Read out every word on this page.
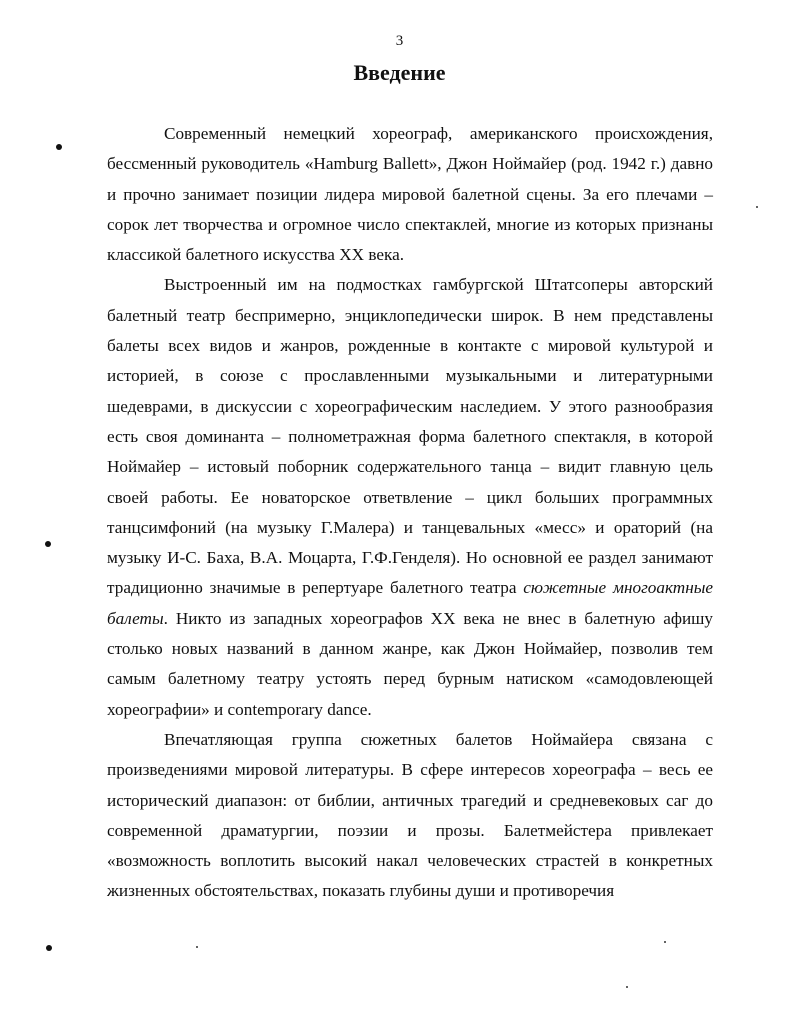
3
Введение

Современный немецкий хореограф, американского происхождения, бессменный руководитель «Hamburg Ballett», Джон Ноймайер (род. 1942 г.) давно и прочно занимает позиции лидера мировой балетной сцены. За его плечами – сорок лет творчества и огромное число спектаклей, многие из которых признаны классикой балетного искусства XX века.

Выстроенный им на подмостках гамбургской Штатсоперы авторский балетный театр беспримерно, энциклопедически широк. В нем представлены балеты всех видов и жанров, рожденные в контакте с мировой культурой и историей, в союзе с прославленными музыкальными и литературными шедеврами, в дискуссии с хореографическим наследием. У этого разнообразия есть своя доминанта – полнометражная форма балетного спектакля, в которой Ноймайер – истовый поборник содержательного танца – видит главную цель своей работы. Ее новаторское ответвление – цикл больших программных танцсимфоний (на музыку Г.Малера) и танцевальных «месс» и ораторий (на музыку И-С. Баха, В.А. Моцарта, Г.Ф.Генделя). Но основной ее раздел занимают традиционно значимые в репертуаре балетного театра сюжетные многоактные балеты. Никто из западных хореографов XX века не внес в балетную афишу столько новых названий в данном жанре, как Джон Ноймайер, позволив тем самым балетному театру устоять перед бурным натиском «самодовлеющей хореографии» и contemporary dance.

Впечатляющая группа сюжетных балетов Ноймайера связана с произведениями мировой литературы. В сфере интересов хореографа – весь ее исторический диапазон: от библии, античных трагедий и средневековых саг до современной драматургии, поэзии и прозы. Балетмейстера привлекает «возможность воплотить высокий накал человеческих страстей в конкретных жизненных обстоятельствах, показать глубины души и противоречия
